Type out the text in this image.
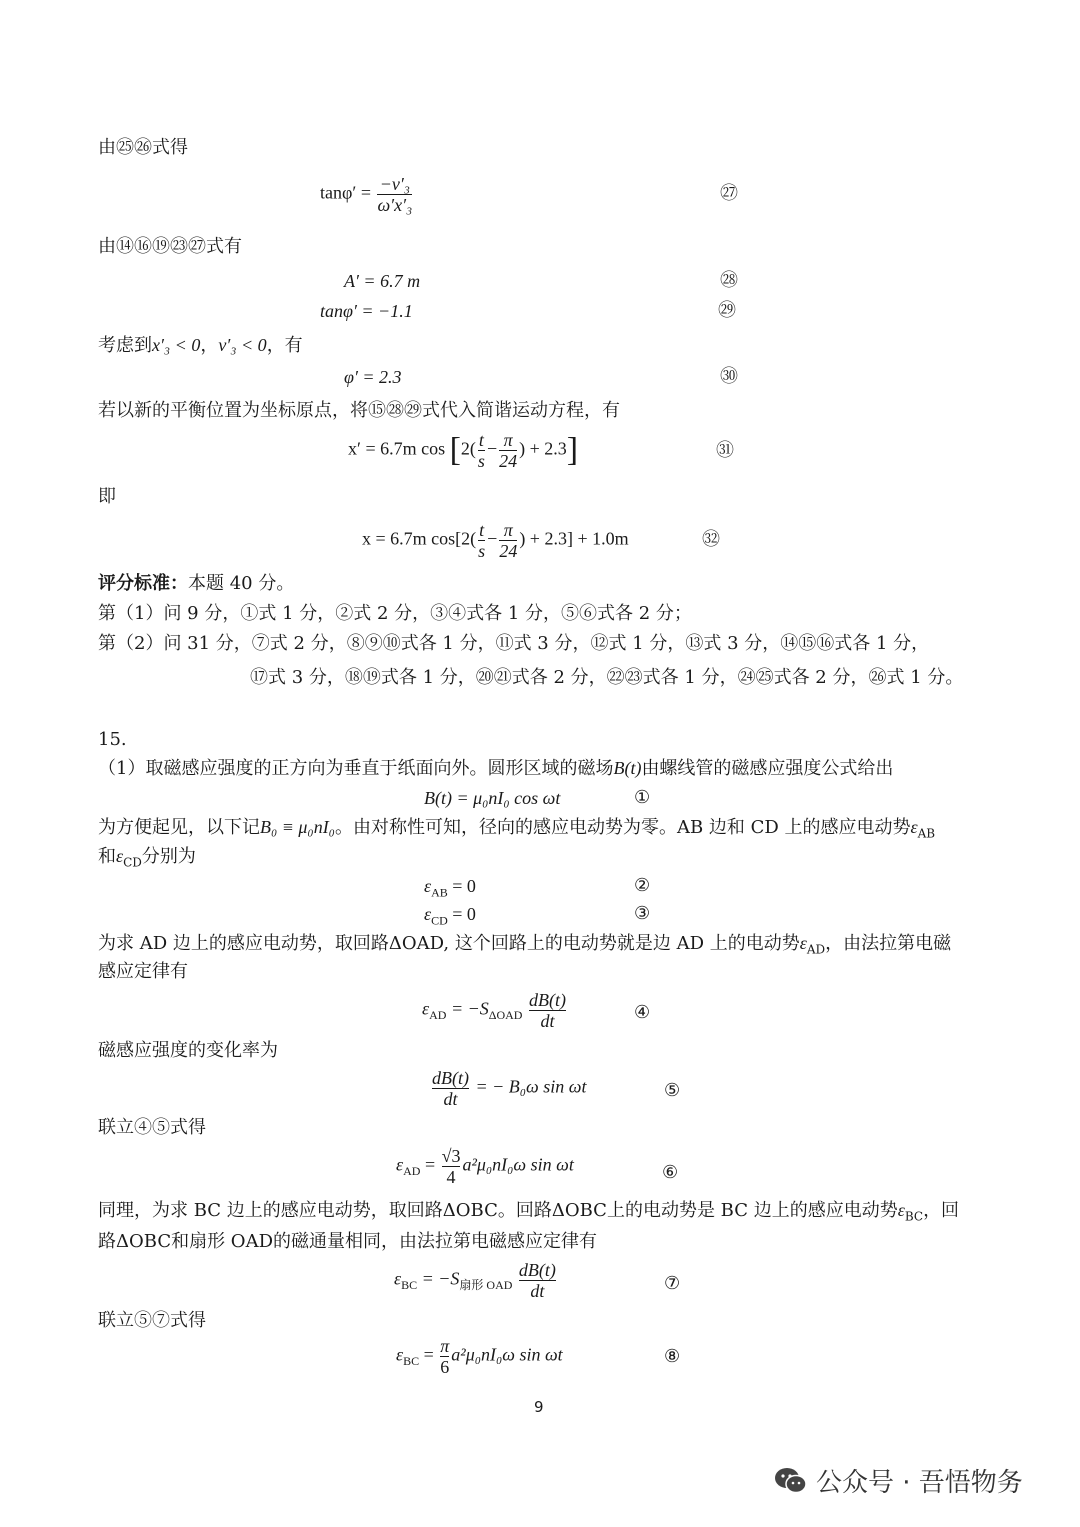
由㉕㉖式得
$\tan\varphi' = \frac{\text{−v′₃}}{\text{ω′x′₃}}$	㉗
由⑭⑯⑲㉓㉗式有
A′ = 6.7 m	㉘
tanφ′ = −1.1	㉙
考虑到x′₃ < 0，v′₃ < 0，有
φ′ = 2.3	㉚
若以新的平衡位置为坐标原点，将⑮㉘㉙式代入简谐运动方程，有
x′ = 6.7m $\cos [2( \frac{t}{s} - \frac{\pi}{24}$ ) + 2.3]	㉛
即
x = 6.7m $\cos[2( \frac{t}{s} - \frac{\pi}{24}$ ) + 2.3] + 1.0m	㉜
评分标准：本题 40 分。
第（1）问 9 分，①式 1 分，②式 2 分，③④式各 1 分，⑤⑥式各 2 分；
第（2）问 31 分，⑦式 2 分，⑧⑨⑩式各 1 分，⑪式 3 分，⑫式 1 分，⑬式 3 分，⑭⑮⑯式各 1 分，
⑰式 3 分，⑱⑲式各 1 分，⑳㉑式各 2 分，㉒㉓式各 1 分，㉔㉕式各 2 分，㉖式 1 分。
15.
（1）取磁感应强度的正方向为垂直于纸面向外。圆形区域的磁场B(t)由螺线管的磁感应强度公式给出
B(t) = μ₀nI₀ cos ωt	①
为方便起见，以下记B₀ ≡ μ₀nI₀。由对称性可知，径向的感应电动势为零。AB 边和 CD 上的感应电动势$\varepsilon_{AB}$
和$\varepsilon_{CD}$分别为
$\varepsilon_{AB} = 0$	②
$\varepsilon_{CD} = 0$	③
为求 AD 边上的感应电动势，取回路ΔOAD, 这个回路上的电动势就是边 AD 上的电动势$\varepsilon_{AD}$，由法拉第电磁
感应定律有
$\varepsilon_{AD} = -S_{\Delta OAD} \frac{dB(t)}{dt}$	④
磁感应强度的变化率为
$\frac{dB(t)}{dt}$ = − B₀ω sin ωt	⑤
联立④⑤式得
$\varepsilon_{AD} = \frac{√3}{4} a^2\mu_0nI_0\omega$ sin ωt	⑥
同理，为求 BC 边上的感应电动势，取回路ΔOBC。回路ΔOBC上的电动势是 BC 边上的感应电动势$\varepsilon_{BC}$，回
路ΔOBC和扇形 OAD的磁通量相同，由法拉第电磁感应定律有
$\varepsilon_{BC} = -S_{扇形 OAD} \frac{dB(t)}{dt}$	⑦
联立⑤⑦式得
$\varepsilon_{BC} = \frac{\pi}{6} a^2\mu_0nI_0\omega$ sin ωt	⑧
9
公众号 · 吾悟物务
